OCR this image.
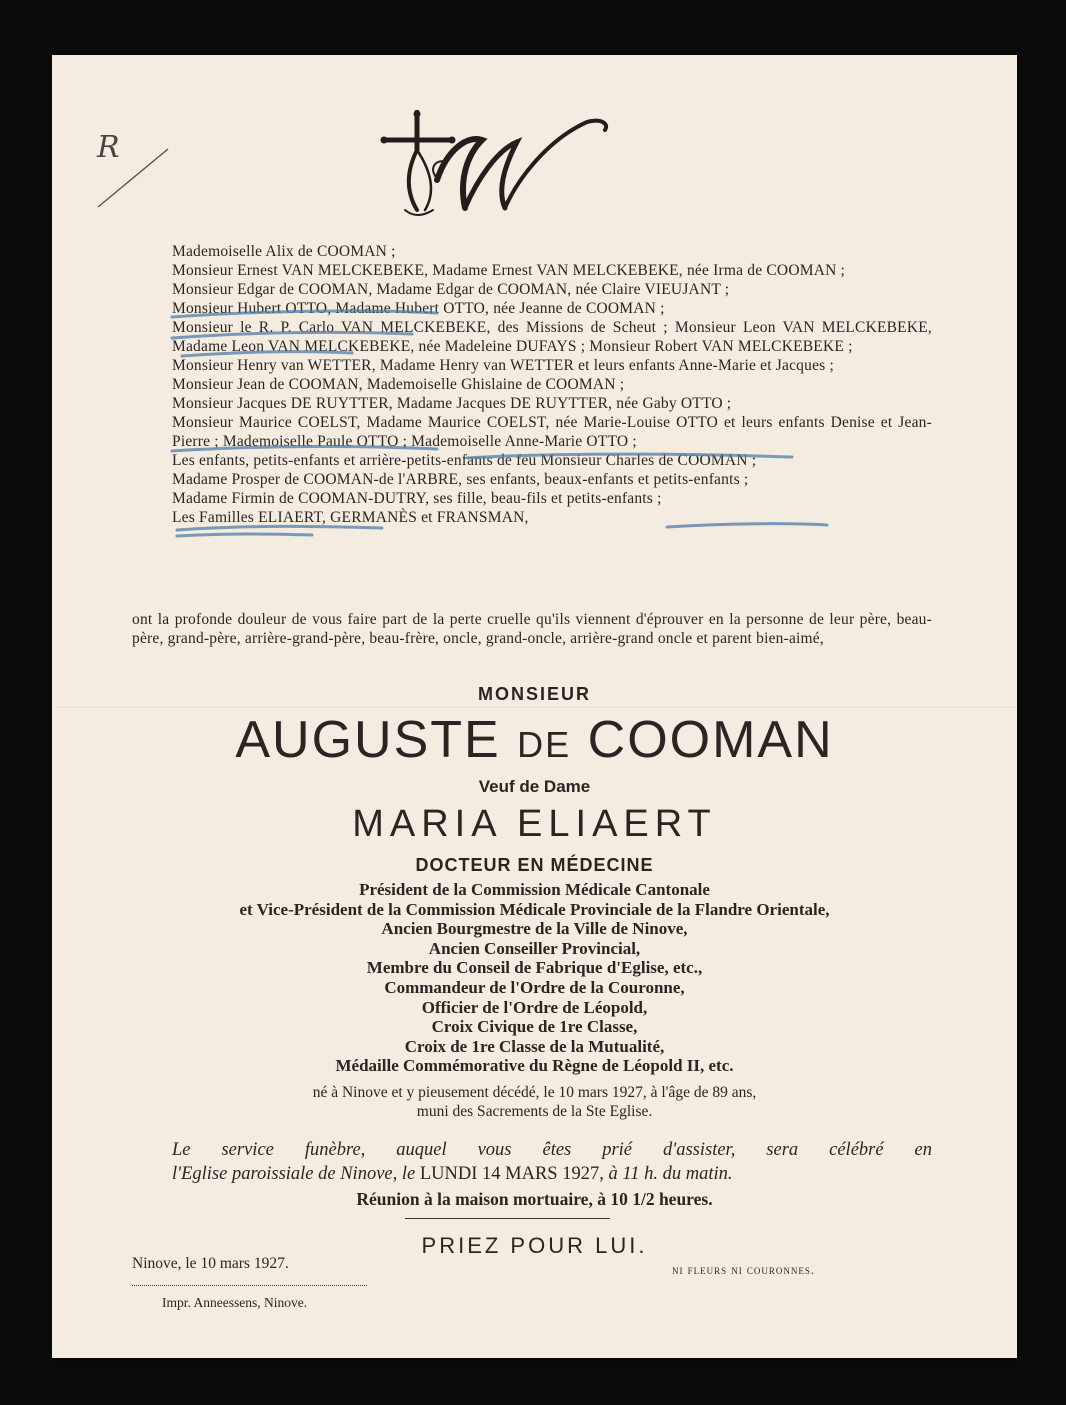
R

Mademoiselle Alix de COOMAN ;

Monsieur Ernest VAN MELCKEBEKE, Madame Ernest VAN MELCKEBEKE, née Irma de COOMAN ;

Monsieur Edgar de COOMAN, Madame Edgar de COOMAN, née Claire VIEUJANT ;

Monsieur Hubert OTTO, Madame Hubert OTTO, née Jeanne de COOMAN ;

Monsieur le R. P. Carlo VAN MELCKEBEKE, des Missions de Scheut ; Monsieur Leon VAN MELCKEBEKE, Madame Leon VAN MELCKEBEKE, née Madeleine DUFAYS ; Monsieur Robert VAN MELCKEBEKE ;

Monsieur Henry van WETTER, Madame Henry van WETTER et leurs enfants Anne-Marie et Jacques ;

Monsieur Jean de COOMAN, Mademoiselle Ghislaine de COOMAN ;

Monsieur Jacques DE RUYTTER, Madame Jacques DE RUYTTER, née Gaby OTTO ;

Monsieur Maurice COELST, Madame Maurice COELST, née Marie-Louise OTTO et leurs enfants Denise et Jean-Pierre ; Mademoiselle Paule OTTO ; Mademoiselle Anne-Marie OTTO ;

Les enfants, petits-enfants et arrière-petits-enfants de feu Monsieur Charles de COOMAN ;

Madame Prosper de COOMAN-de l'ARBRE, ses enfants, beaux-enfants et petits-enfants ;

Madame Firmin de COOMAN-DUTRY, ses fille, beau-fils et petits-enfants ;

Les Familles ELIAERT, GERMANÈS et FRANSMAN,

ont la profonde douleur de vous faire part de la perte cruelle qu'ils viennent d'éprouver en la personne de leur père, beau-père, grand-père, arrière-grand-père, beau-frère, oncle, grand-oncle, arrière-grand oncle et parent bien-aimé,

MONSIEUR
AUGUSTE DE COOMAN
Veuf de Dame
MARIA ELIAERT
DOCTEUR EN MÉDECINE
Président de la Commission Médicale Cantonale
et Vice-Président de la Commission Médicale Provinciale de la Flandre Orientale,
Ancien Bourgmestre de la Ville de Ninove,
Ancien Conseiller Provincial,
Membre du Conseil de Fabrique d'Eglise, etc.,
Commandeur de l'Ordre de la Couronne,
Officier de l'Ordre de Léopold,
Croix Civique de 1re Classe,
Croix de 1re Classe de la Mutualité,
Médaille Commémorative du Règne de Léopold II, etc.
né à Ninove et y pieusement décédé, le 10 mars 1927, à l'âge de 89 ans,
muni des Sacrements de la Ste Eglise.
Le service funèbre, auquel vous êtes prié d'assister, sera célébré en
l'Eglise paroissiale de Ninove, le LUNDI 14 MARS 1927, à 11 h. du matin.
Réunion à la maison mortuaire, à 10 1/2 heures.
PRIEZ POUR LUI.
Ninove, le 10 mars 1927.	ni fleurs ni couronnes.
Impr. Anneessens, Ninove.
